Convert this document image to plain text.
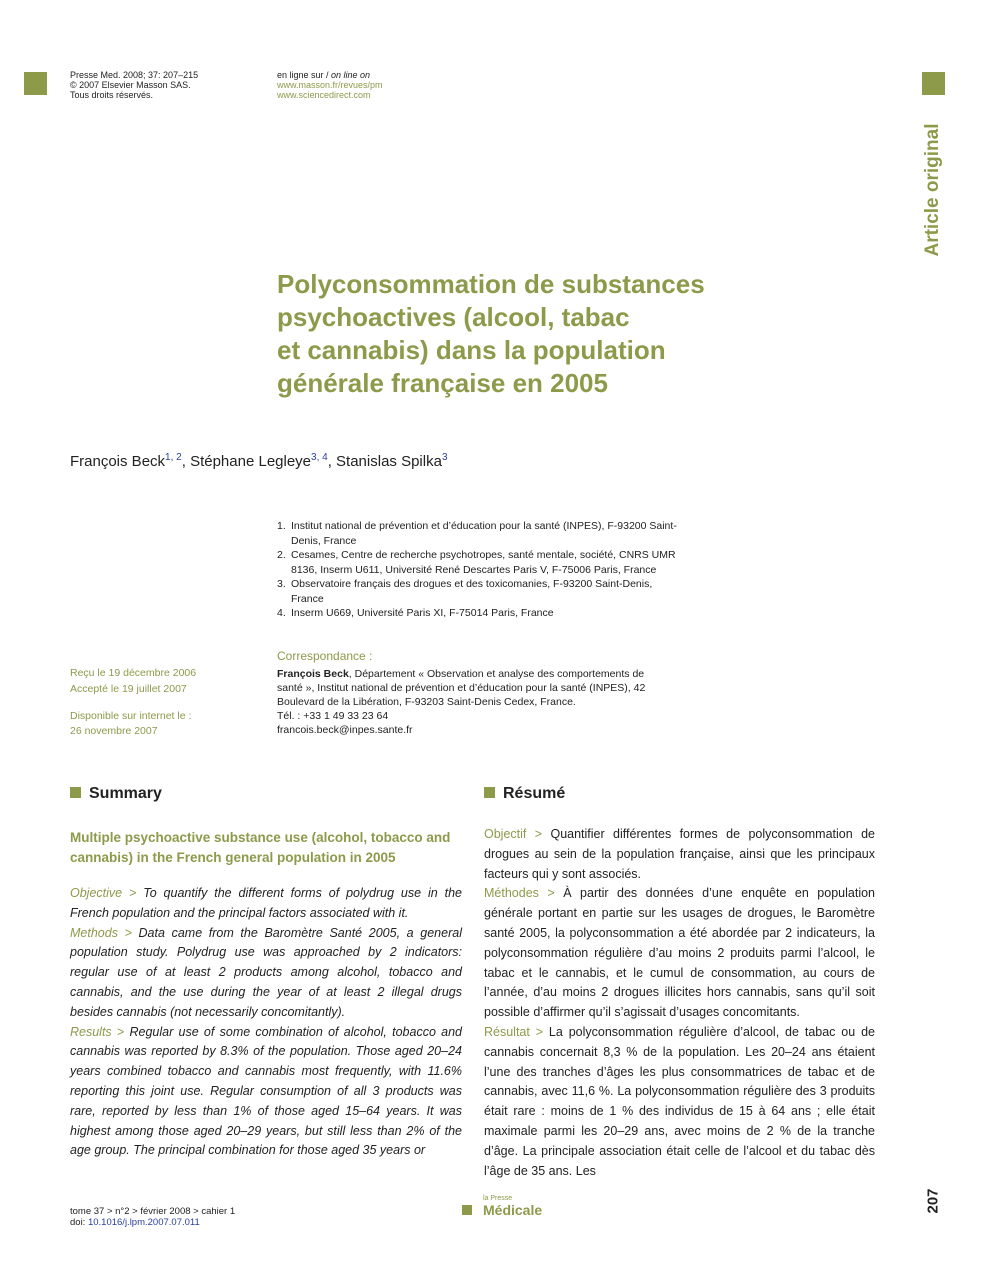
Presse Med. 2008; 37: 207–215
© 2007 Elsevier Masson SAS.
Tous droits réservés.
en ligne sur / on line on
www.masson.fr/revues/pm
www.sciencedirect.com
Article original
Polyconsommation de substances
psychoactives (alcool, tabac
et cannabis) dans la population
générale française en 2005
François Beck$^{1, 2}$, Stéphane Legleye$^{3, 4}$, Stanislas Spilka$^3$
1. Institut national de prévention et d’éducation pour la santé (INPES), F-93200 Saint-Denis, France
2. Cesames, Centre de recherche psychotropes, santé mentale, société, CNRS UMR 8136, Inserm U611, Université René Descartes Paris V, F-75006 Paris, France
3. Observatoire français des drogues et des toxicomanies, F-93200 Saint-Denis, France
4. Inserm U669, Université Paris XI, F-75014 Paris, France
Reçu le 19 décembre 2006
Accepté le 19 juillet 2007
Disponible sur internet le :
26 novembre 2007
Correspondance :
François Beck, Département « Observation et analyse des comportements de
santé », Institut national de prévention et d’éducation pour la santé (INPES), 42
Boulevard de la Libération, F-93203 Saint-Denis Cedex, France.
Tél. : +33 1 49 33 23 64
francois.beck@inpes.sante.fr
Summary	Résumé
Multiple psychoactive substance use (alcohol, tobacco and cannabis) in the French general population in 2005

Objective > To quantify the different forms of polydrug use in the French population and the principal factors associated with it.

Methods > Data came from the Baromètre Santé 2005, a general population study. Polydrug use was approached by 2 indicators: regular use of at least 2 products among alcohol, tobacco and cannabis, and the use during the year of at least 2 illegal drugs besides cannabis (not necessarily concomitantly).

Results > Regular use of some combination of alcohol, tobacco and cannabis was reported by 8.3% of the population. Those aged 20–24 years combined tobacco and cannabis most frequently, with 11.6% reporting this joint use. Regular consumption of all 3 products was rare, reported by less than 1% of those aged 15–64 years. It was highest among those aged 20–29 years, but still less than 2% of the age group. The principal combination for those aged 35 years or

Objectif > Quantifier différentes formes de polyconsommation de drogues au sein de la population française, ainsi que les principaux facteurs qui y sont associés.

Méthodes > À partir des données d’une enquête en population générale portant en partie sur les usages de drogues, le Baromètre santé 2005, la polyconsommation a été abordée par 2 indicateurs, la polyconsommation régulière d’au moins 2 produits parmi l’alcool, le tabac et le cannabis, et le cumul de consommation, au cours de l’année, d’au moins 2 drogues illicites hors cannabis, sans qu’il soit possible d’affirmer qu’il s’agissait d’usages concomitants.

Résultat > La polyconsommation régulière d’alcool, de tabac ou de cannabis concernait 8,3 % de la population. Les 20–24 ans étaient l’une des tranches d’âges les plus consommatrices de tabac et de cannabis, avec 11,6 %. La polyconsommation régulière des 3 produits était rare : moins de 1 % des individus de 15 à 64 ans ; elle était maximale parmi les 20–29 ans, avec moins de 2 % de la tranche d’âge. La principale association était celle de l’alcool et du tabac dès l’âge de 35 ans. Les

tome 37 > n°2 > février 2008 > cahier 1
doi: 10.1016/j.lpm.2007.07.011
la Presse
Médicale	207
